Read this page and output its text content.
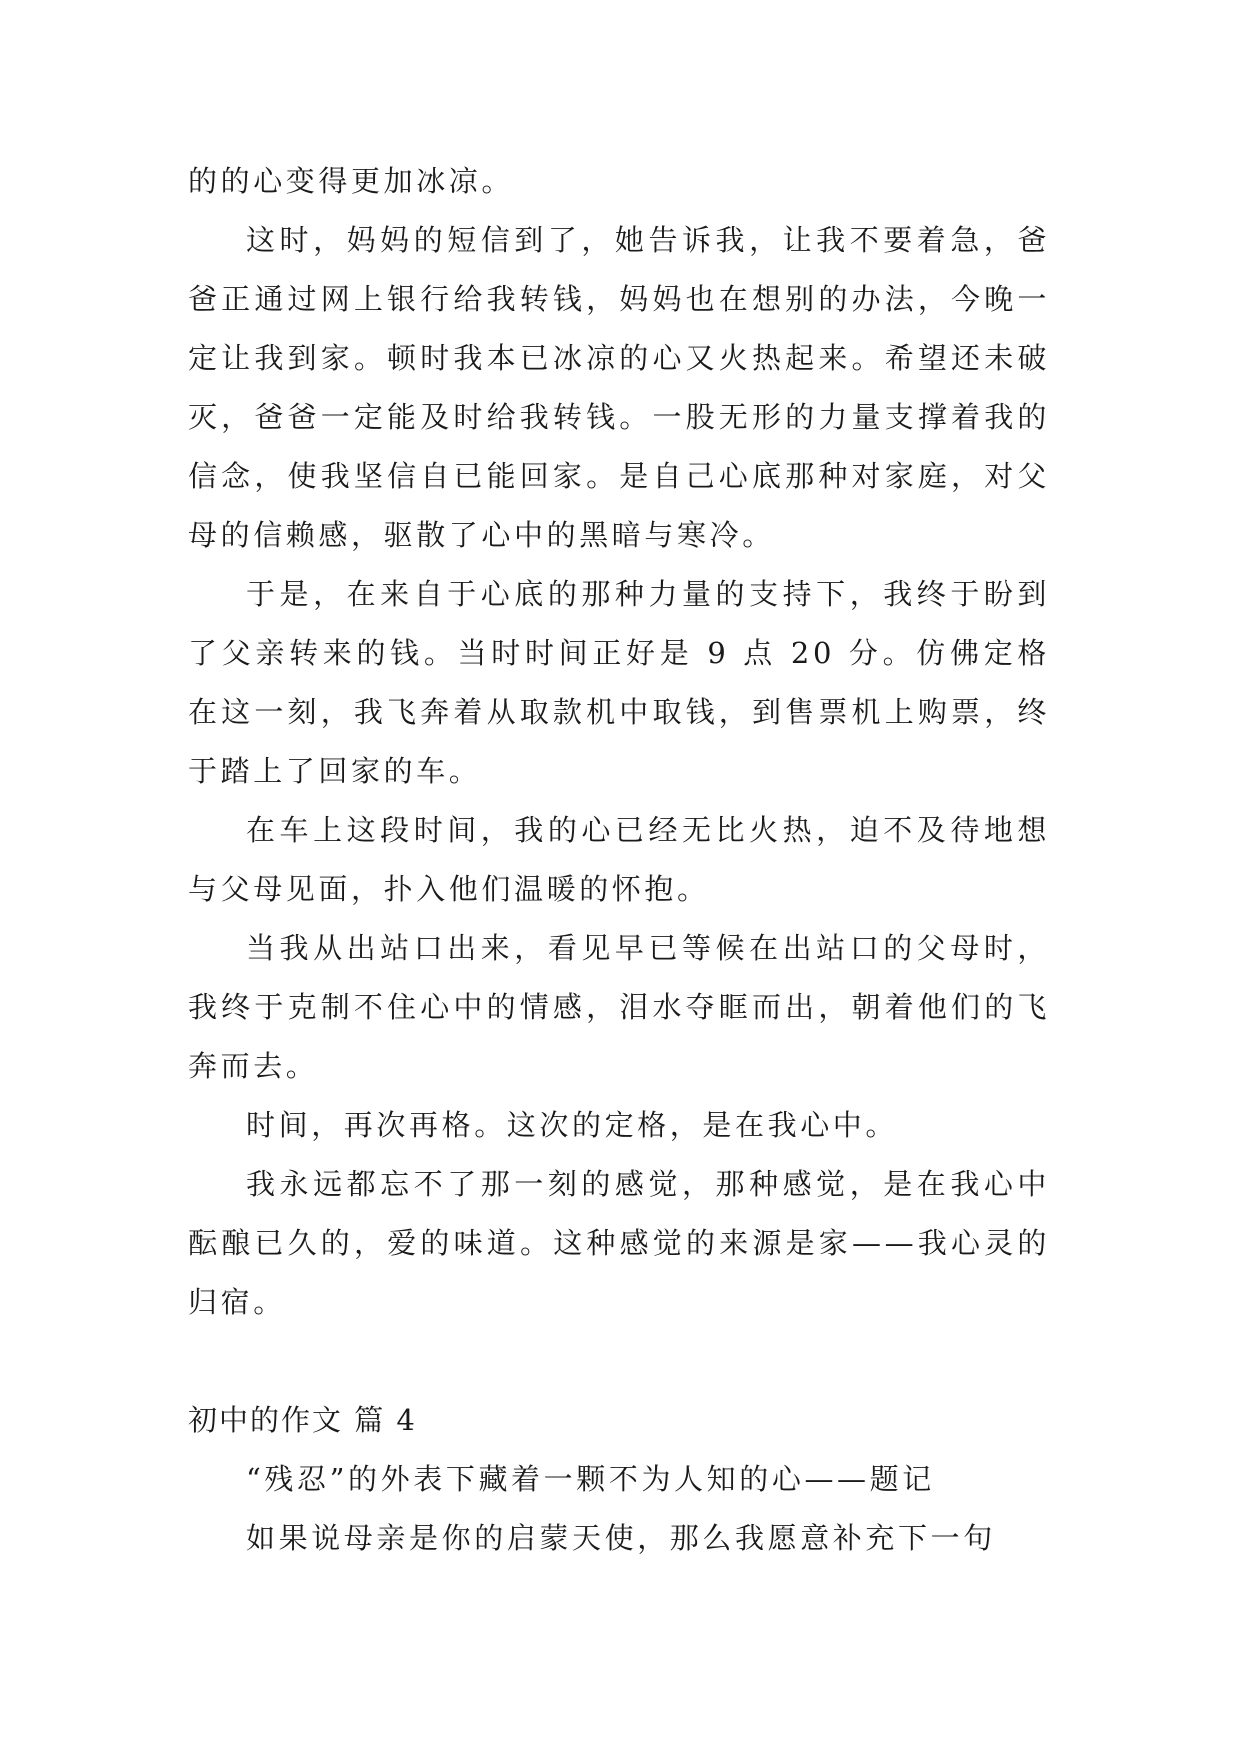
的的心变得更加冰凉。

这时，妈妈的短信到了，她告诉我，让我不要着急，爸爸正通过网上银行给我转钱，妈妈也在想别的办法，今晚一定让我到家。顿时我本已冰凉的心又火热起来。希望还未破灭，爸爸一定能及时给我转钱。一股无形的力量支撑着我的信念，使我坚信自已能回家。是自己心底那种对家庭，对父母的信赖感，驱散了心中的黑暗与寒冷。

于是，在来自于心底的那种力量的支持下，我终于盼到了父亲转来的钱。当时时间正好是 9 点 20 分。仿佛定格在这一刻，我飞奔着从取款机中取钱，到售票机上购票，终于踏上了回家的车。

在车上这段时间，我的心已经无比火热，迫不及待地想与父母见面，扑入他们温暖的怀抱。

当我从出站口出来，看见早已等候在出站口的父母时，我终于克制不住心中的情感，泪水夺眶而出，朝着他们的飞奔而去。

时间，再次再格。这次的定格，是在我心中。

我永远都忘不了那一刻的感觉，那种感觉，是在我心中酝酿已久的，爱的味道。这种感觉的来源是家——我心灵的归宿。

初中的作文 篇 4

“残忍”的外表下藏着一颗不为人知的心——题记

如果说母亲是你的启蒙天使，那么我愿意补充下一句
